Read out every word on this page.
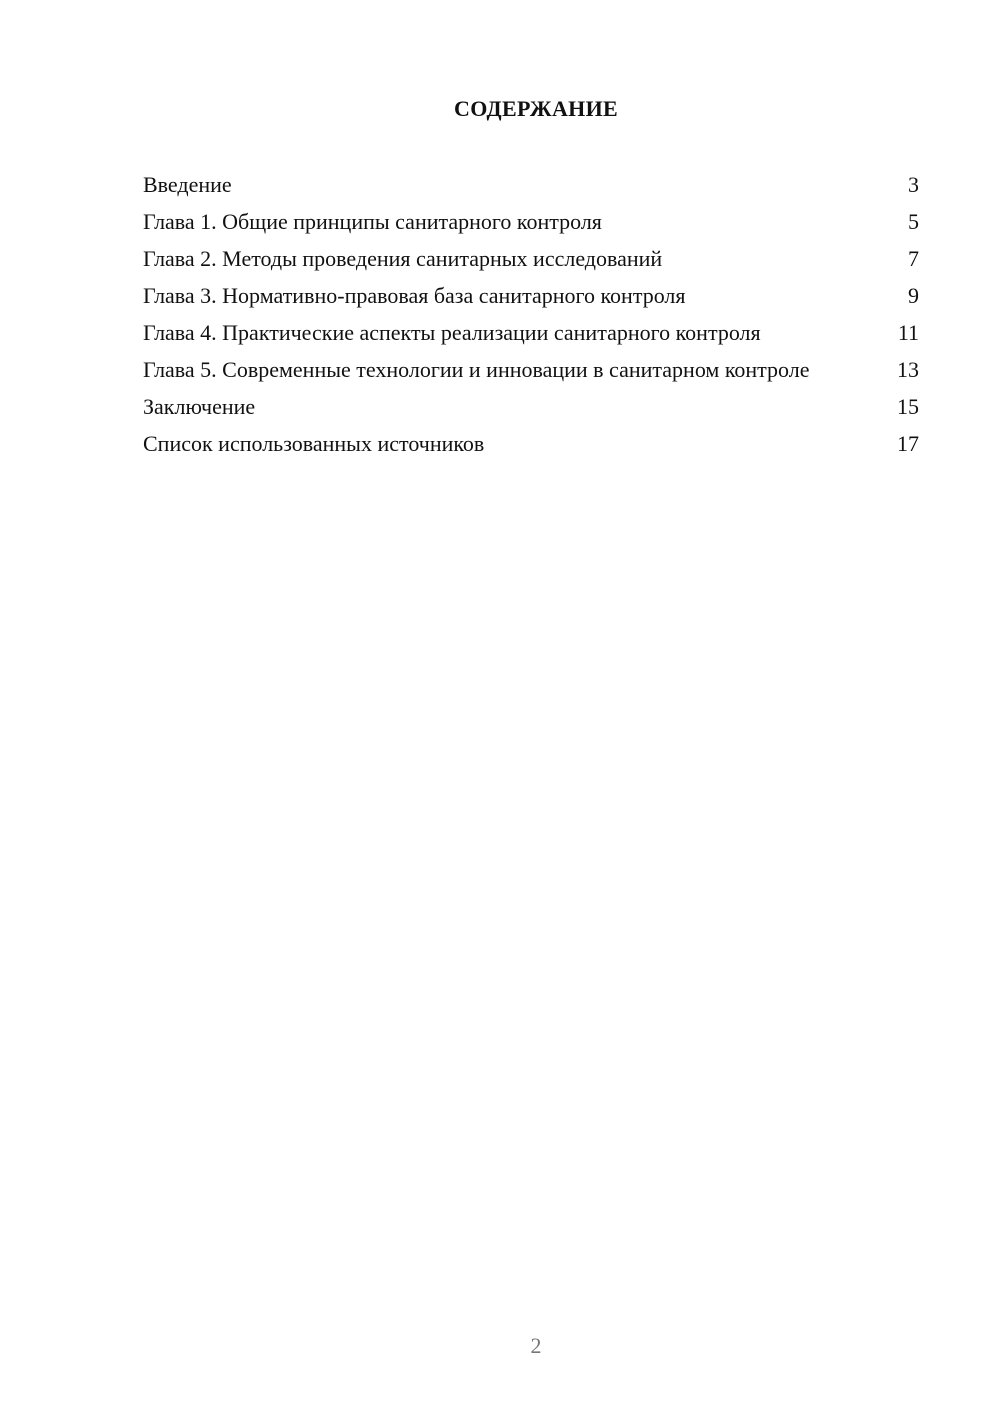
СОДЕРЖАНИЕ
Введение	3
Глава 1. Общие принципы санитарного контроля	5
Глава 2. Методы проведения санитарных исследований	7
Глава 3. Нормативно-правовая база санитарного контроля	9
Глава 4. Практические аспекты реализации санитарного контроля	11
Глава 5. Современные технологии и инновации в санитарном контроле	13
Заключение	15
Список использованных источников	17
2
